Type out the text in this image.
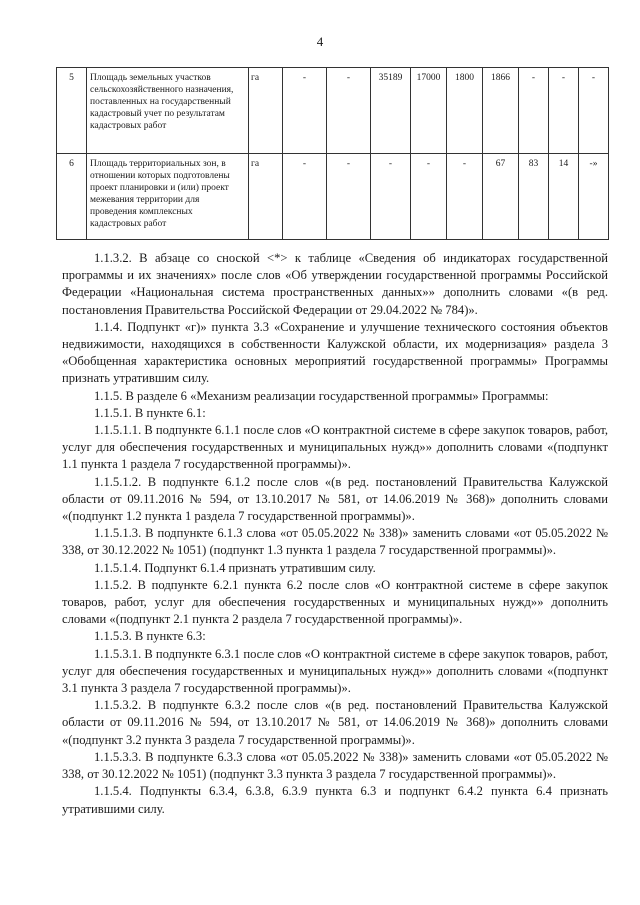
4
5	Площадь земельных участков сельскохозяйственного назначения, поставленных на государственный кадастровый учет по результатам кадастровых работ	га	-	-	35189	17000	1800	1866	-	-	-
6	Площадь территориальных зон, в отношении которых подготовлены проект планировки и (или) проект межевания территории для проведения комплексных кадастровых работ	га	-	-	-	-	-	67	83	14	-»

1.1.3.2. В абзаце со сноской <*> к таблице «Сведения об индикаторах государственной программы и их значениях» после слов «Об утверждении государственной программы Российской Федерации «Национальная система пространственных данных»» дополнить словами «(в ред. постановления Правительства Российской Федерации от 29.04.2022 № 784)».

1.1.4. Подпункт «г)» пункта 3.3 «Сохранение и улучшение технического состояния объектов недвижимости, находящихся в собственности Калужской области, их модернизация» раздела 3 «Обобщенная характеристика основных мероприятий государственной программы» Программы признать утратившим силу.

1.1.5. В разделе 6 «Механизм реализации государственной программы» Программы:

1.1.5.1. В пункте 6.1:

1.1.5.1.1. В подпункте 6.1.1 после слов «О контрактной системе в сфере закупок товаров, работ, услуг для обеспечения государственных и муниципальных нужд»» дополнить словами «(подпункт 1.1 пункта 1 раздела 7 государственной программы)».

1.1.5.1.2. В подпункте 6.1.2 после слов «(в ред. постановлений Правительства Калужской области от 09.11.2016 № 594, от 13.10.2017 № 581, от 14.06.2019 № 368)» дополнить словами «(подпункт 1.2 пункта 1 раздела 7 государственной программы)».

1.1.5.1.3. В подпункте 6.1.3 слова «от 05.05.2022 № 338)» заменить словами «от 05.05.2022 № 338, от 30.12.2022 № 1051) (подпункт 1.3 пункта 1 раздела 7 государственной программы)».

1.1.5.1.4. Подпункт 6.1.4 признать утратившим силу.

1.1.5.2. В подпункте 6.2.1 пункта 6.2 после слов «О контрактной системе в сфере закупок товаров, работ, услуг для обеспечения государственных и муниципальных нужд»» дополнить словами «(подпункт 2.1 пункта 2 раздела 7 государственной программы)».

1.1.5.3. В пункте 6.3:

1.1.5.3.1. В подпункте 6.3.1 после слов «О контрактной системе в сфере закупок товаров, работ, услуг для обеспечения государственных и муниципальных нужд»» дополнить словами «(подпункт 3.1 пункта 3 раздела 7 государственной программы)».

1.1.5.3.2. В подпункте 6.3.2 после слов «(в ред. постановлений Правительства Калужской области от 09.11.2016 № 594, от 13.10.2017 № 581, от 14.06.2019 № 368)» дополнить словами «(подпункт 3.2 пункта 3 раздела 7 государственной программы)».

1.1.5.3.3. В подпункте 6.3.3 слова «от 05.05.2022 № 338)» заменить словами «от 05.05.2022 № 338, от 30.12.2022 № 1051) (подпункт 3.3 пункта 3 раздела 7 государственной программы)».

1.1.5.4. Подпункты 6.3.4, 6.3.8, 6.3.9 пункта 6.3 и подпункт 6.4.2 пункта 6.4 признать утратившими силу.
